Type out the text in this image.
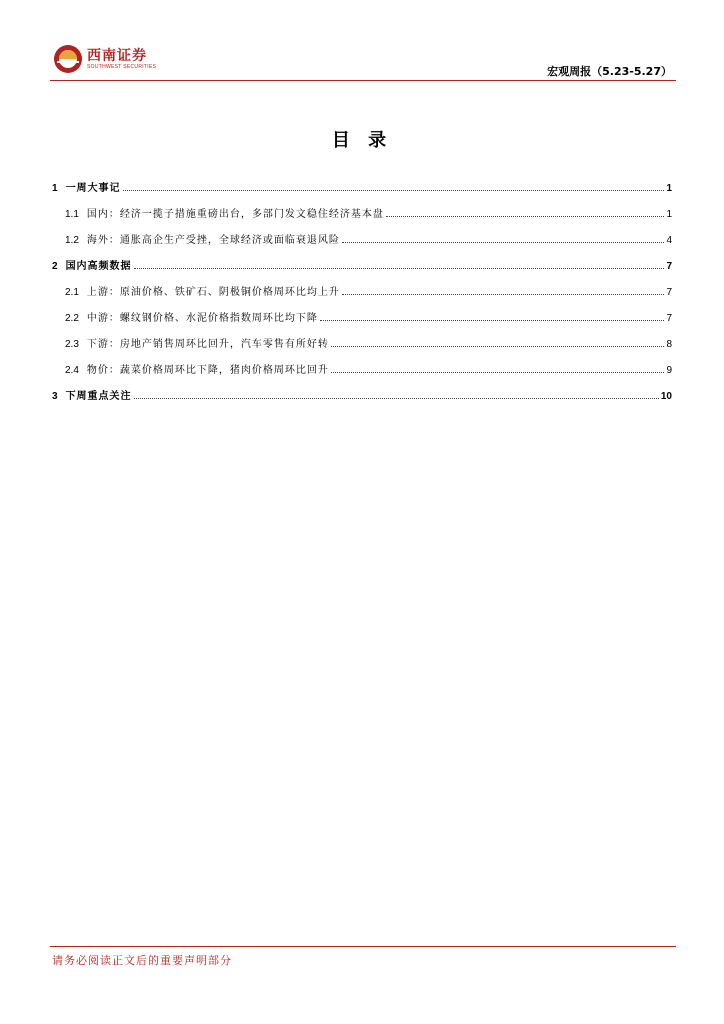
西南证券
SOUTHWEST SECURITIES	宏观周报（5.23-5.27）
目 录
1 一周大事记	1
1.1 国内：经济一揽子措施重磅出台，多部门发文稳住经济基本盘	1
1.2 海外：通胀高企生产受挫，全球经济或面临衰退风险	4
2 国内高频数据	7
2.1 上游：原油价格、铁矿石、阴极铜价格周环比均上升	7
2.2 中游：螺纹钢价格、水泥价格指数周环比均下降	7
2.3 下游：房地产销售周环比回升，汽车零售有所好转	8
2.4 物价：蔬菜价格周环比下降，猪肉价格周环比回升	9
3 下周重点关注	10
请务必阅读正文后的重要声明部分
